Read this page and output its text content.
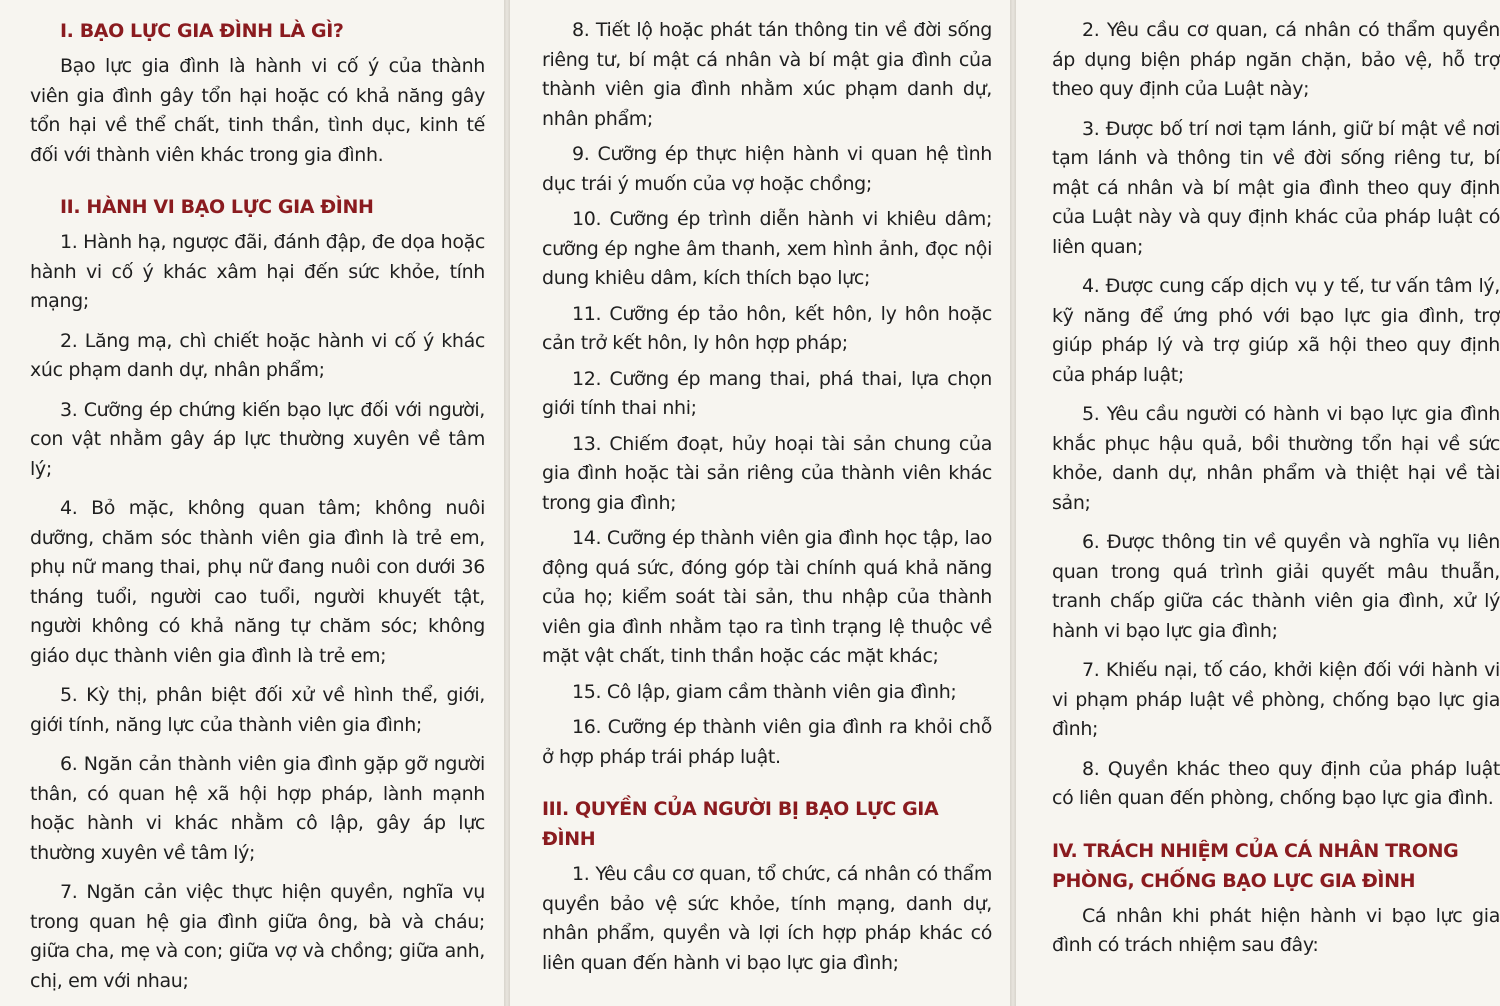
I. BẠO LỰC GIA ĐÌNH LÀ GÌ?

Bạo lực gia đình là hành vi cố ý của thành viên gia đình gây tổn hại hoặc có khả năng gây tổn hại về thể chất, tinh thần, tình dục, kinh tế đối với thành viên khác trong gia đình.

II. HÀNH VI BẠO LỰC GIA ĐÌNH

1. Hành hạ, ngược đãi, đánh đập, đe dọa hoặc hành vi cố ý khác xâm hại đến sức khỏe, tính mạng;

2. Lăng mạ, chì chiết hoặc hành vi cố ý khác xúc phạm danh dự, nhân phẩm;

3. Cưỡng ép chứng kiến bạo lực đối với người, con vật nhằm gây áp lực thường xuyên về tâm lý;

4. Bỏ mặc, không quan tâm; không nuôi dưỡng, chăm sóc thành viên gia đình là trẻ em, phụ nữ mang thai, phụ nữ đang nuôi con dưới 36 tháng tuổi, người cao tuổi, người khuyết tật, người không có khả năng tự chăm sóc; không giáo dục thành viên gia đình là trẻ em;

5. Kỳ thị, phân biệt đối xử về hình thể, giới, giới tính, năng lực của thành viên gia đình;

6. Ngăn cản thành viên gia đình gặp gỡ người thân, có quan hệ xã hội hợp pháp, lành mạnh hoặc hành vi khác nhằm cô lập, gây áp lực thường xuyên về tâm lý;

7. Ngăn cản việc thực hiện quyền, nghĩa vụ trong quan hệ gia đình giữa ông, bà và cháu; giữa cha, mẹ và con; giữa vợ và chồng; giữa anh, chị, em với nhau;

8. Tiết lộ hoặc phát tán thông tin về đời sống riêng tư, bí mật cá nhân và bí mật gia đình của thành viên gia đình nhằm xúc phạm danh dự, nhân phẩm;

9. Cưỡng ép thực hiện hành vi quan hệ tình dục trái ý muốn của vợ hoặc chồng;

10. Cưỡng ép trình diễn hành vi khiêu dâm; cưỡng ép nghe âm thanh, xem hình ảnh, đọc nội dung khiêu dâm, kích thích bạo lực;

11. Cưỡng ép tảo hôn, kết hôn, ly hôn hoặc cản trở kết hôn, ly hôn hợp pháp;

12. Cưỡng ép mang thai, phá thai, lựa chọn giới tính thai nhi;

13. Chiếm đoạt, hủy hoại tài sản chung của gia đình hoặc tài sản riêng của thành viên khác trong gia đình;

14. Cưỡng ép thành viên gia đình học tập, lao động quá sức, đóng góp tài chính quá khả năng của họ; kiểm soát tài sản, thu nhập của thành viên gia đình nhằm tạo ra tình trạng lệ thuộc về mặt vật chất, tinh thần hoặc các mặt khác;

15. Cô lập, giam cầm thành viên gia đình;

16. Cưỡng ép thành viên gia đình ra khỏi chỗ ở hợp pháp trái pháp luật.

III. QUYỀN CỦA NGƯỜI BỊ BẠO LỰC GIA ĐÌNH

1. Yêu cầu cơ quan, tổ chức, cá nhân có thẩm quyền bảo vệ sức khỏe, tính mạng, danh dự, nhân phẩm, quyền và lợi ích hợp pháp khác có liên quan đến hành vi bạo lực gia đình;

2. Yêu cầu cơ quan, cá nhân có thẩm quyền áp dụng biện pháp ngăn chặn, bảo vệ, hỗ trợ theo quy định của Luật này;

3. Được bố trí nơi tạm lánh, giữ bí mật về nơi tạm lánh và thông tin về đời sống riêng tư, bí mật cá nhân và bí mật gia đình theo quy định của Luật này và quy định khác của pháp luật có liên quan;

4. Được cung cấp dịch vụ y tế, tư vấn tâm lý, kỹ năng để ứng phó với bạo lực gia đình, trợ giúp pháp lý và trợ giúp xã hội theo quy định của pháp luật;

5. Yêu cầu người có hành vi bạo lực gia đình khắc phục hậu quả, bồi thường tổn hại về sức khỏe, danh dự, nhân phẩm và thiệt hại về tài sản;

6. Được thông tin về quyền và nghĩa vụ liên quan trong quá trình giải quyết mâu thuẫn, tranh chấp giữa các thành viên gia đình, xử lý hành vi bạo lực gia đình;

7. Khiếu nại, tố cáo, khởi kiện đối với hành vi vi phạm pháp luật về phòng, chống bạo lực gia đình;

8. Quyền khác theo quy định của pháp luật có liên quan đến phòng, chống bạo lực gia đình.

IV. TRÁCH NHIỆM CỦA CÁ NHÂN TRONG PHÒNG, CHỐNG BẠO LỰC GIA ĐÌNH

Cá nhân khi phát hiện hành vi bạo lực gia đình có trách nhiệm sau đây:
